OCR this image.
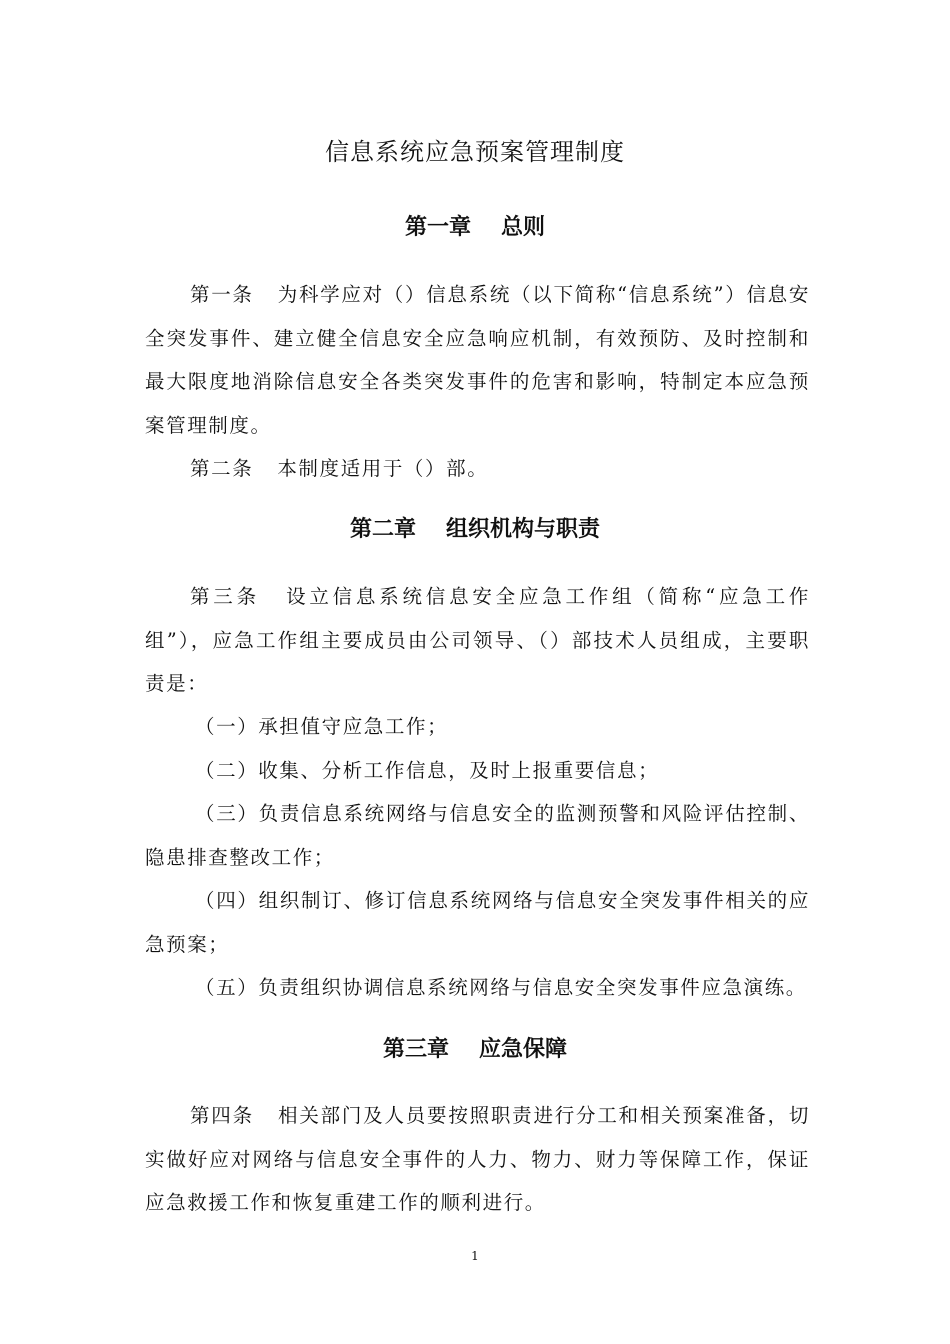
信息系统应急预案管理制度
第一章 总则

第一条 为科学应对（）信息系统（以下简称“信息系统”）信息安全突发事件、建立健全信息安全应急响应机制，有效预防、及时控制和最大限度地消除信息安全各类突发事件的危害和影响，特制定本应急预案管理制度。

第二条 本制度适用于（）部。

第二章 组织机构与职责

第三条 设立信息系统信息安全应急工作组（简称“应急工作组”），应急工作组主要成员由公司领导、（）部技术人员组成，主要职责是：

（一）承担值守应急工作；

（二）收集、分析工作信息，及时上报重要信息；

（三）负责信息系统网络与信息安全的监测预警和风险评估控制、隐患排查整改工作；

（四）组织制订、修订信息系统网络与信息安全突发事件相关的应急预案；

（五）负责组织协调信息系统网络与信息安全突发事件应急演练。

第三章 应急保障

第四条 相关部门及人员要按照职责进行分工和相关预案准备，切实做好应对网络与信息安全事件的人力、物力、财力等保障工作，保证应急救援工作和恢复重建工作的顺利进行。

1
